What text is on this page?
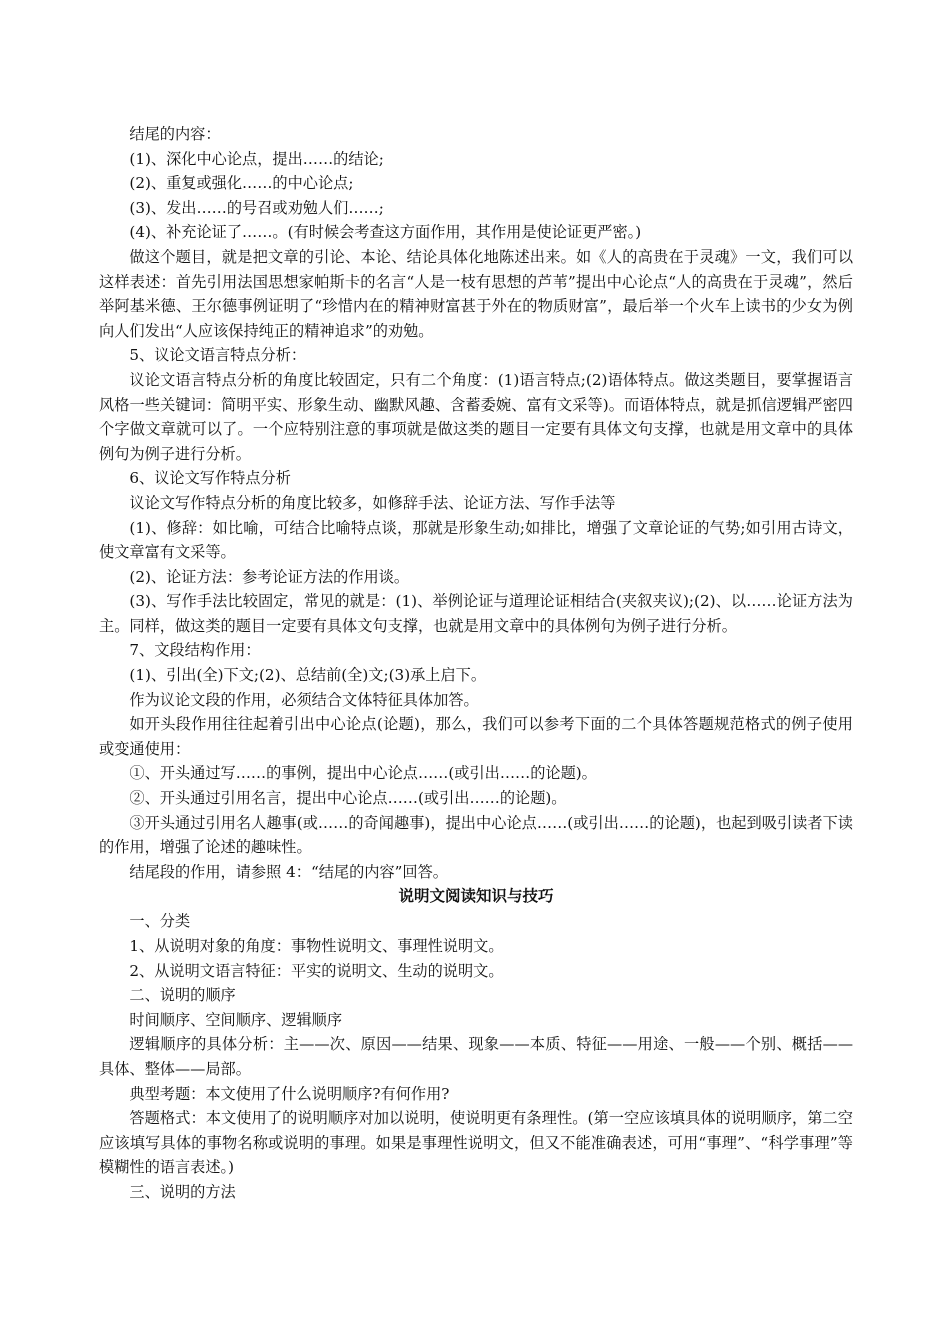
结尾的内容：

(1)、深化中心论点，提出……的结论;

(2)、重复或强化……的中心论点;

(3)、发出……的号召或劝勉人们……;

(4)、补充论证了……。(有时候会考查这方面作用，其作用是使论证更严密。)

做这个题目，就是把文章的引论、本论、结论具体化地陈述出来。如《人的高贵在于灵魂》一文，我们可以这样表述：首先引用法国思想家帕斯卡的名言“人是一枝有思想的芦苇”提出中心论点“人的高贵在于灵魂”，然后举阿基米德、王尔德事例证明了“珍惜内在的精神财富甚于外在的物质财富”，最后举一个火车上读书的少女为例向人们发出“人应该保持纯正的精神追求”的劝勉。

5、议论文语言特点分析：

议论文语言特点分析的角度比较固定，只有二个角度：(1)语言特点;(2)语体特点。做这类题目，要掌握语言风格一些关键词：简明平实、形象生动、幽默风趣、含蓄委婉、富有文采等)。而语体特点，就是抓信逻辑严密四个字做文章就可以了。一个应特别注意的事项就是做这类的题目一定要有具体文句支撑，也就是用文章中的具体例句为例子进行分析。

6、议论文写作特点分析

议论文写作特点分析的角度比较多，如修辞手法、论证方法、写作手法等

(1)、修辞：如比喻，可结合比喻特点谈，那就是形象生动;如排比，增强了文章论证的气势;如引用古诗文，使文章富有文采等。

(2)、论证方法：参考论证方法的作用谈。

(3)、写作手法比较固定，常见的就是：(1)、举例论证与道理论证相结合(夹叙夹议);(2)、以……论证方法为主。同样，做这类的题目一定要有具体文句支撑，也就是用文章中的具体例句为例子进行分析。

7、文段结构作用：

(1)、引出(全)下文;(2)、总结前(全)文;(3)承上启下。

作为议论文段的作用，必须结合文体特征具体加答。

如开头段作用往往起着引出中心论点(论题)，那么，我们可以参考下面的二个具体答题规范格式的例子使用或变通使用：

①、开头通过写……的事例，提出中心论点……(或引出……的论题)。

②、开头通过引用名言，提出中心论点……(或引出……的论题)。

③开头通过引用名人趣事(或……的奇闻趣事)，提出中心论点……(或引出……的论题)，也起到吸引读者下读的作用，增强了论述的趣味性。

结尾段的作用，请参照 4：“结尾的内容”回答。

说明文阅读知识与技巧

一、分类

1、从说明对象的角度：事物性说明文、事理性说明文。

2、从说明文语言特征：平实的说明文、生动的说明文。

二、说明的顺序

时间顺序、空间顺序、逻辑顺序

逻辑顺序的具体分析：主——次、原因——结果、现象——本质、特征——用途、一般——个别、概括——具体、整体——局部。

典型考题：本文使用了什么说明顺序?有何作用?

答题格式：本文使用了的说明顺序对加以说明，使说明更有条理性。(第一空应该填具体的说明顺序，第二空应该填写具体的事物名称或说明的事理。如果是事理性说明文，但又不能准确表述，可用“事理”、“科学事理”等模糊性的语言表述。)

三、说明的方法
